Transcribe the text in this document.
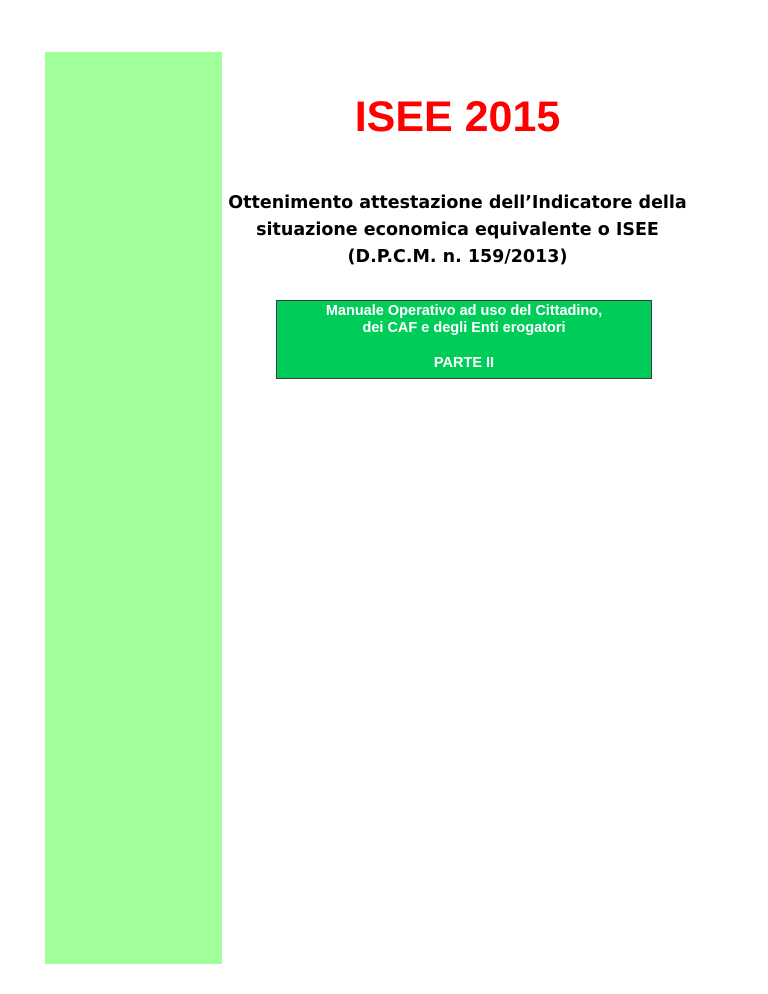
ISEE 2015
Ottenimento attestazione dell’Indicatore della
situazione economica equivalente o ISEE
(D.P.C.M. n. 159/2013)
Manuale Operativo ad uso del Cittadino,
dei CAF e degli Enti erogatori
PARTE II
